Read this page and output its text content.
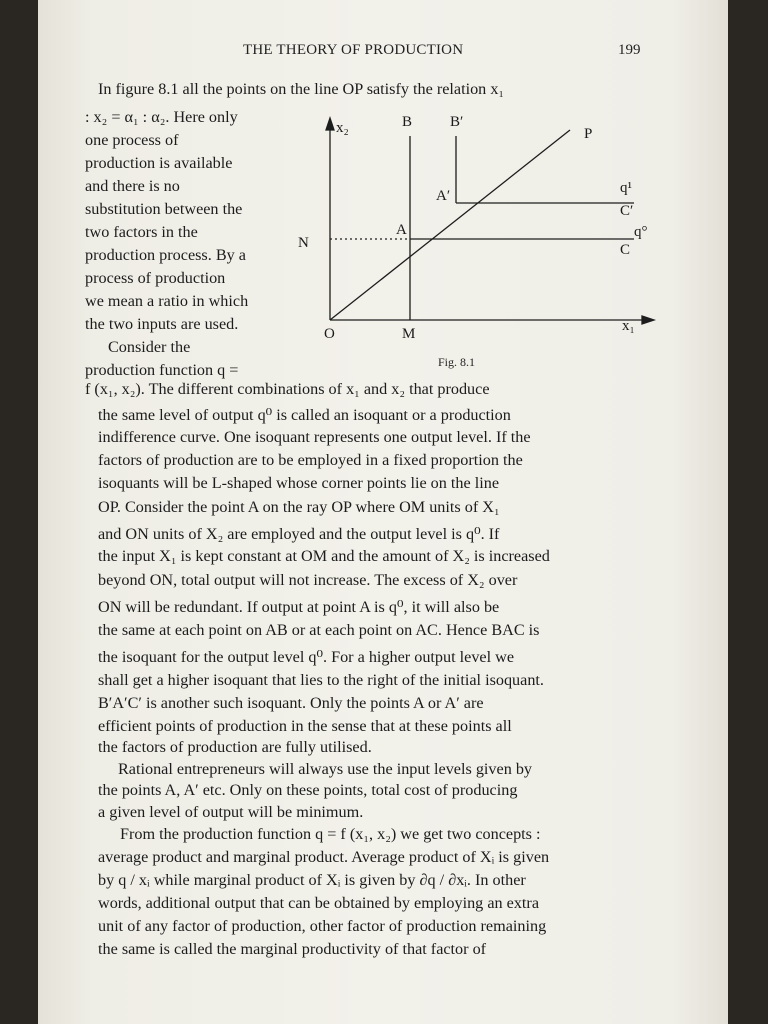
THE THEORY OF PRODUCTION	199
In figure 8.1 all the points on the line OP satisfy the relation x₁
: x₂ = α₁ : α₂. Here only
one process of
production is available
and there is no
substitution between the
two factors in the
production process. By a
process of production
we mean a ratio in which
the two inputs are used.
Consider the
production function q =
x₂	B	B′
P
q¹
A′
C′
N
A	q°
C
O	M	x₁
Fig. 8.1
f (x₁, x₂). The different combinations of x₁ and x₂ that produce
the same level of output q⁰ is called an isoquant or a production
indifference curve. One isoquant represents one output level. If the
factors of production are to be employed in a fixed proportion the
isoquants will be L-shaped whose corner points lie on the line
OP. Consider the point A on the ray OP where OM units of X₁
and ON units of X₂ are employed and the output level is q⁰. If
the input X₁ is kept constant at OM and the amount of X₂ is increased
beyond ON, total output will not increase. The excess of X₂ over
ON will be redundant. If output at point A is q⁰, it will also be
the same at each point on AB or at each point on AC. Hence BAC is
the isoquant for the output level q⁰. For a higher output level we
shall get a higher isoquant that lies to the right of the initial isoquant.
B′A′C′ is another such isoquant. Only the points A or A′ are
efficient points of production in the sense that at these points all
the factors of production are fully utilised.
Rational entrepreneurs will always use the input levels given by
the points A, A′ etc. Only on these points, total cost of producing
a given level of output will be minimum.
From the production function q = f (x₁, x₂) we get two concepts :
average product and marginal product. Average product of Xᵢ is given
by q / xᵢ while marginal product of Xᵢ is given by ∂q / ∂xᵢ. In other
words, additional output that can be obtained by employing an extra
unit of any factor of production, other factor of production remaining
the same is called the marginal productivity of that factor of
